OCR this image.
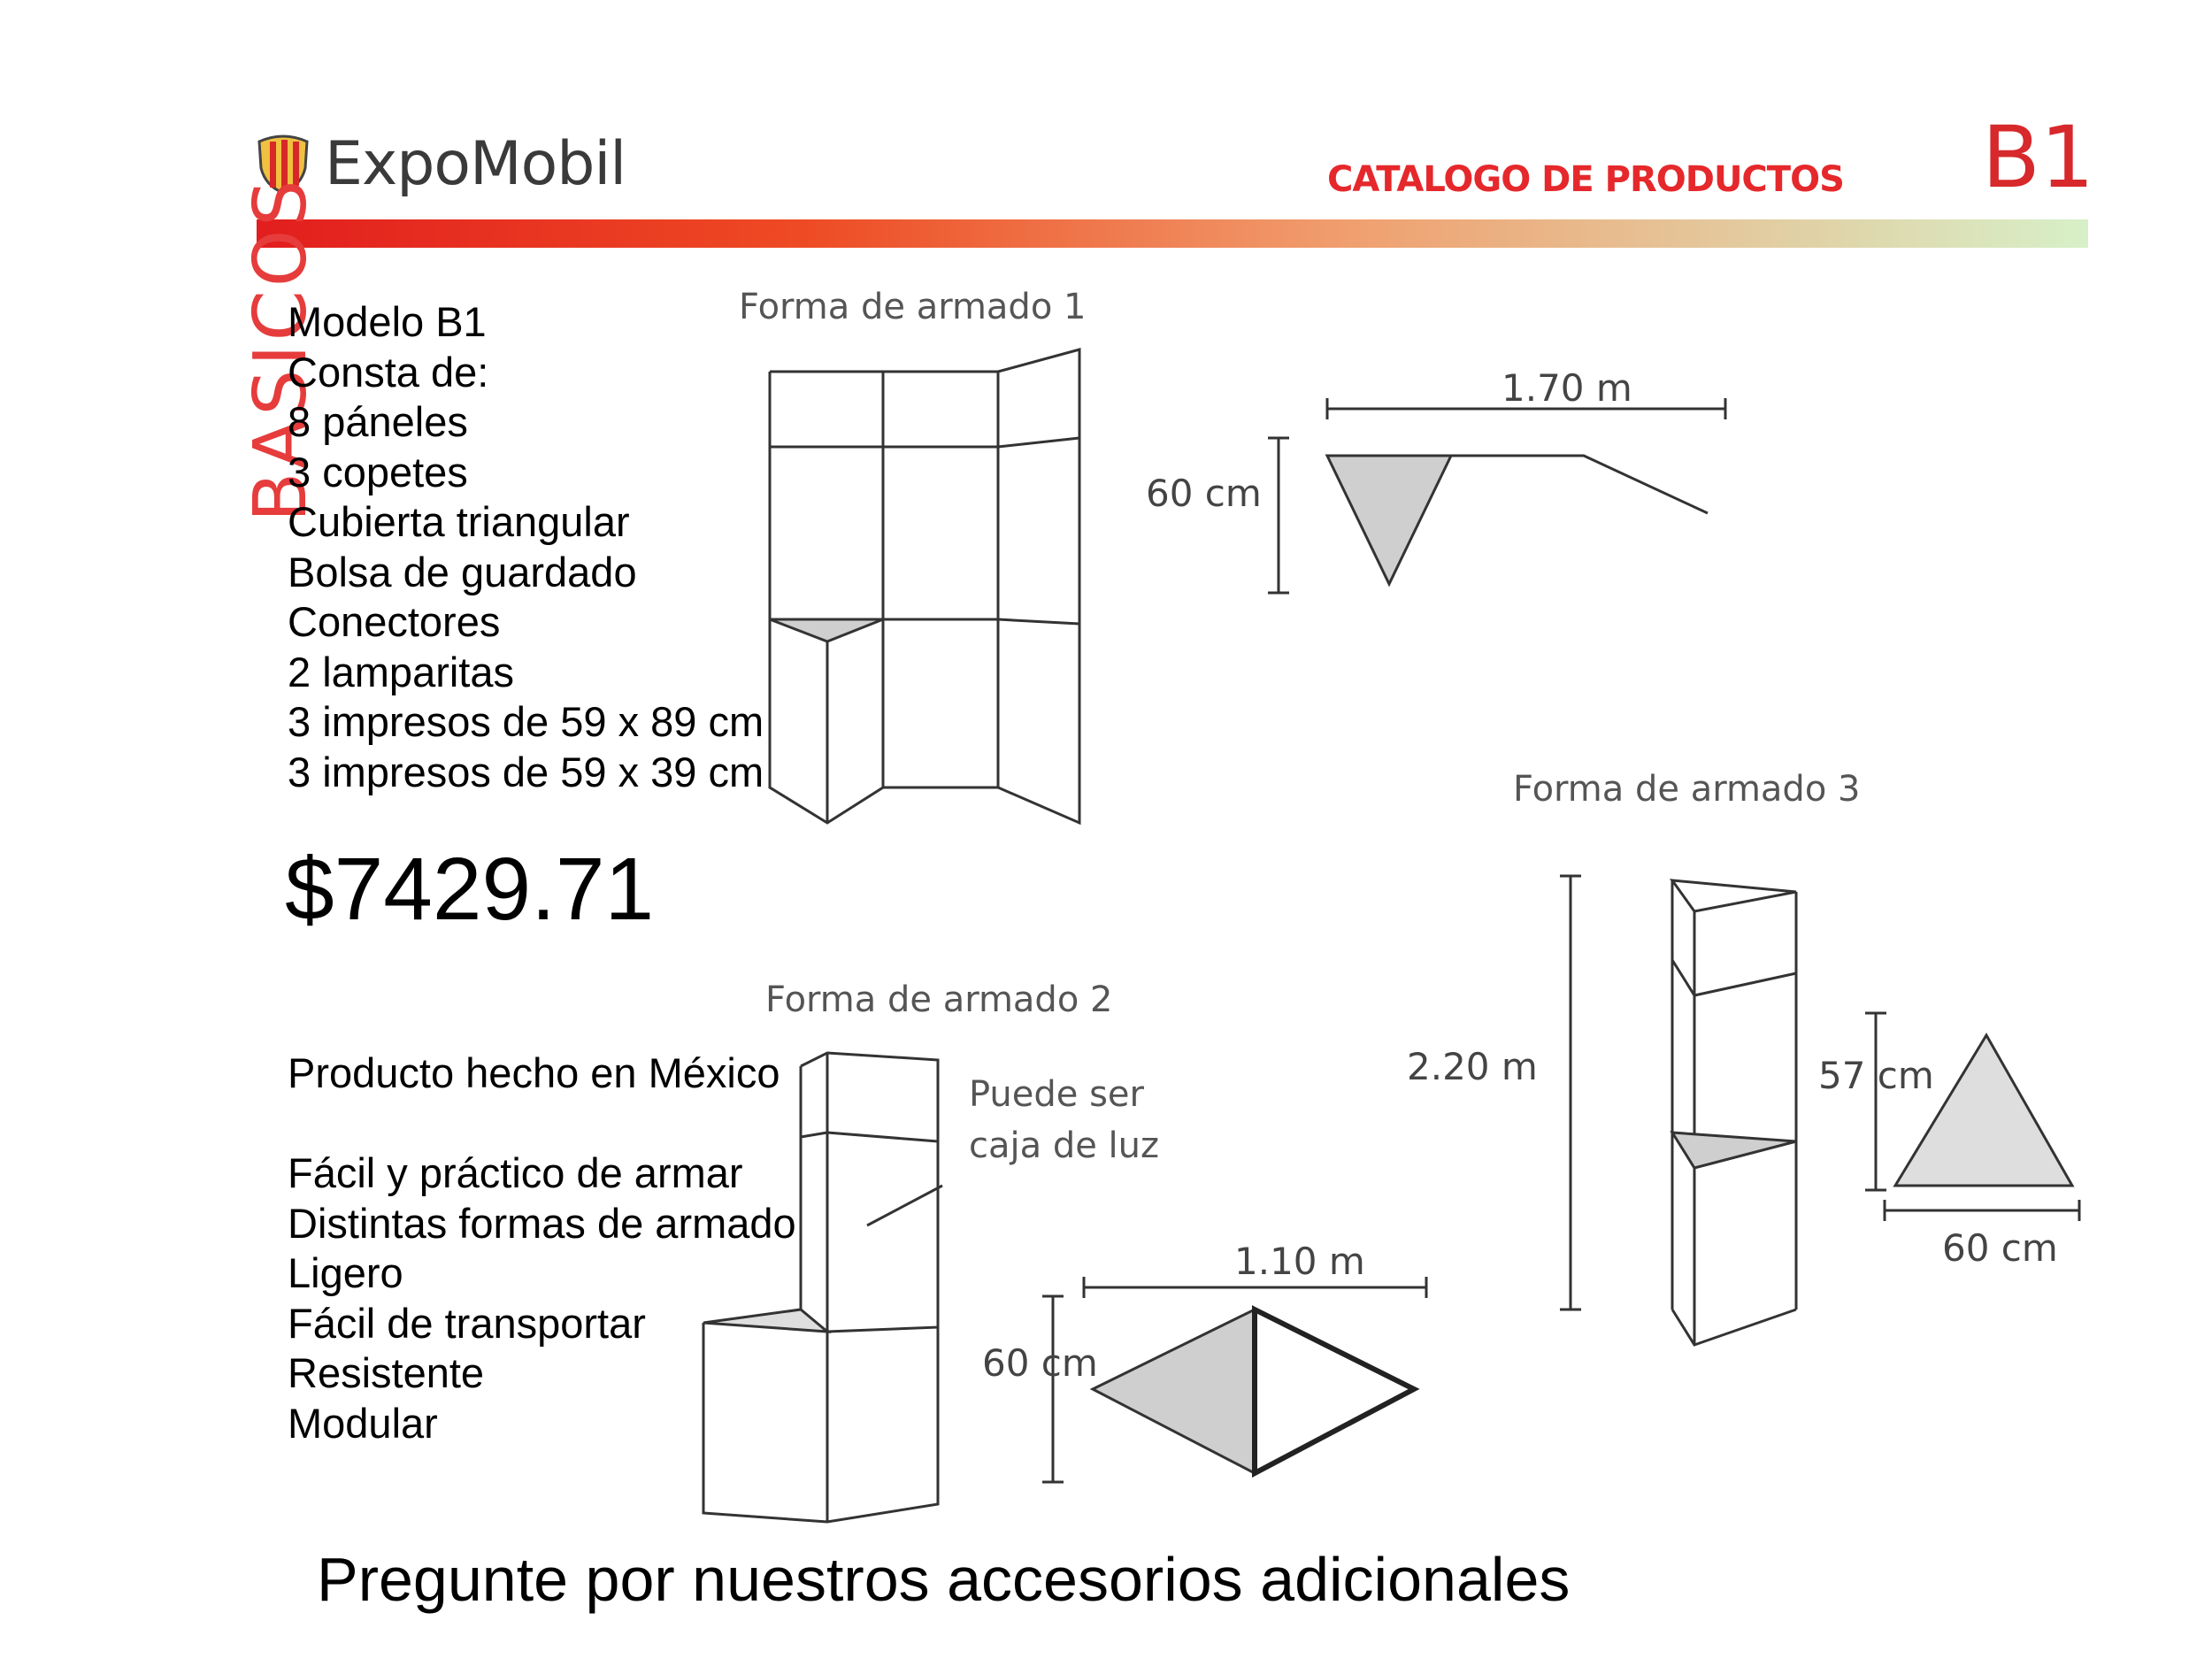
ExpoMobil	CATALOGO DE PRODUCTOS B1
BASICOS
Modelo B1
Consta de:
8 páneles
3 copetes
Cubierta triangular
Bolsa de guardado
Conectores
2 lamparitas
3 impresos de 59 x 89 cm
3 impresos de 59 x 39 cm
$7429.71
Producto hecho en México
Fácil y práctico de armar
Distintas formas de armado
Ligero
Fácil de transportar
Resistente
Modular
Forma de armado 1
1.70 m
60 cm
Forma de armado 2
Puede ser
caja de luz
1.10 m
60 cm
Forma de armado 3
2.20 m	57 cm
60 cm
Pregunte por nuestros accesorios adicionales
